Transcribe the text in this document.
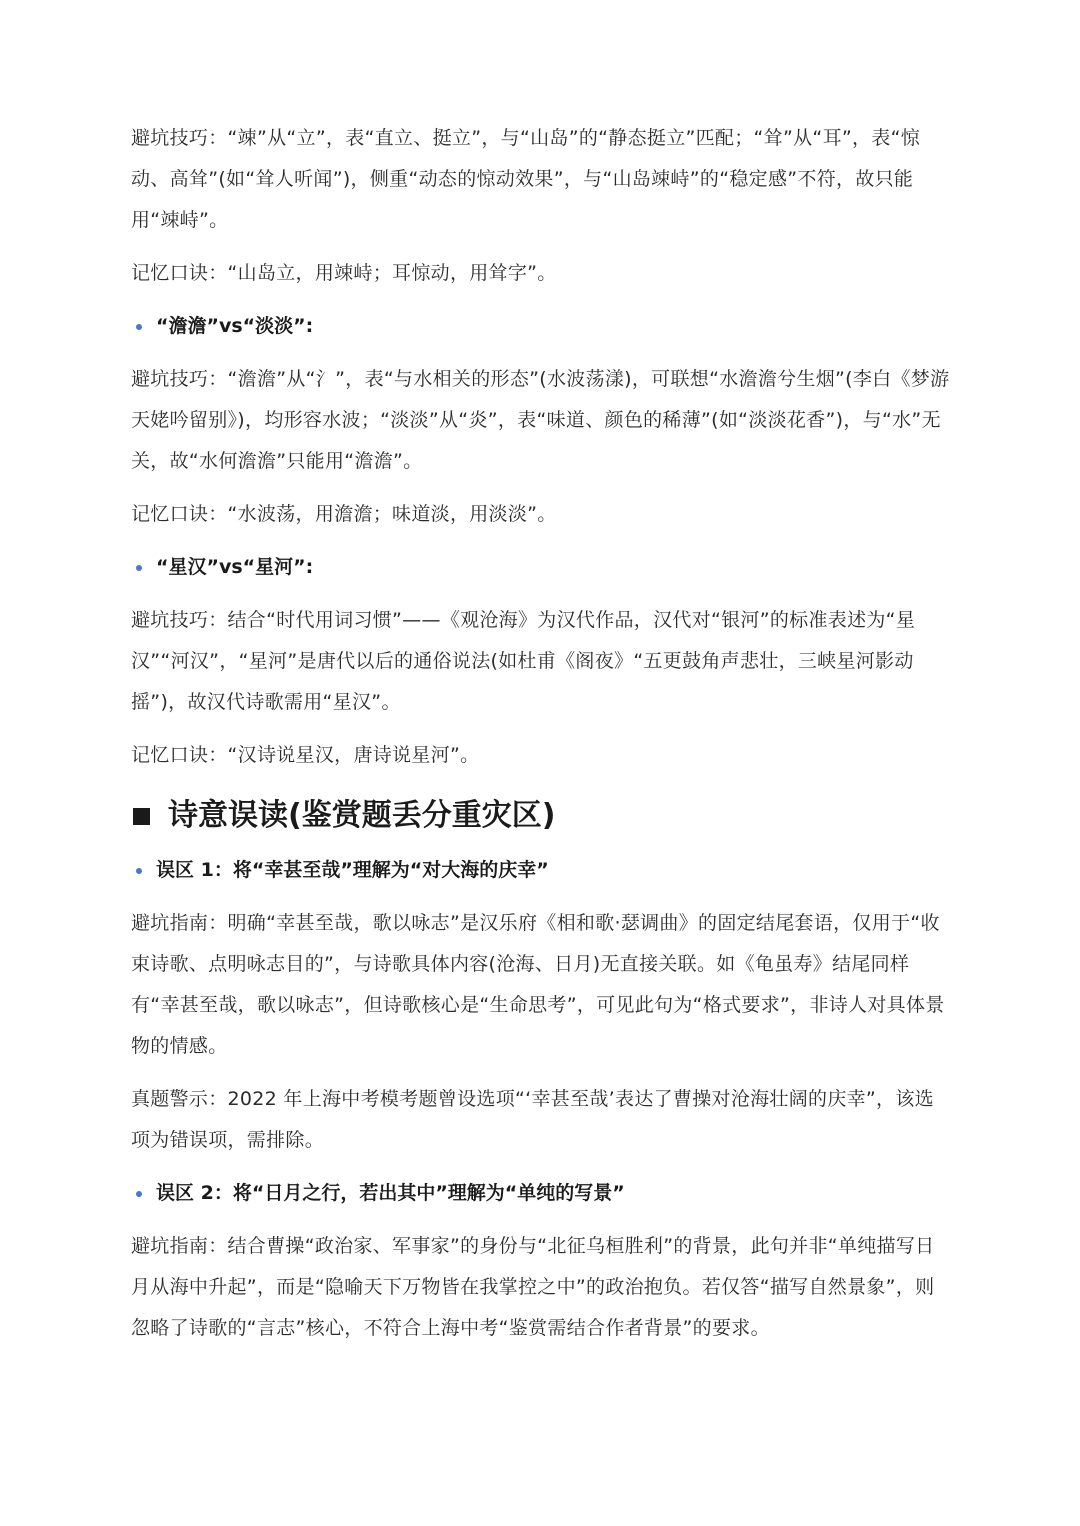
避坑技巧：“竦”从“立”，表“直立、挺立”，与“山岛”的“静态挺立”匹配；“耸”从“耳”，表“惊动、高耸”(如“耸人听闻”)，侧重“动态的惊动效果”，与“山岛竦峙”的“稳定感”不符，故只能用“竦峙”。

记忆口诀：“山岛立，用竦峙；耳惊动，用耸字”。

“澹澹”vs“淡淡”:

避坑技巧：“澹澹”从“氵”，表“与水相关的形态”(水波荡漾)，可联想“水澹澹兮生烟”(李白《梦游天姥吟留别》)，均形容水波；“淡淡”从“炎”，表“味道、颜色的稀薄”(如“淡淡花香”)，与“水”无关，故“水何澹澹”只能用“澹澹”。

记忆口诀：“水波荡，用澹澹；味道淡，用淡淡”。

“星汉”vs“星河”:

避坑技巧：结合“时代用词习惯”——《观沧海》为汉代作品，汉代对“银河”的标准表述为“星汉”“河汉”，“星河”是唐代以后的通俗说法(如杜甫《阁夜》“五更鼓角声悲壮，三峡星河影动摇”)，故汉代诗歌需用“星汉”。

记忆口诀：“汉诗说星汉，唐诗说星河”。

诗意误读(鉴赏题丢分重灾区)
误区 1：将“幸甚至哉”理解为“对大海的庆幸”

避坑指南：明确“幸甚至哉，歌以咏志”是汉乐府《相和歌·瑟调曲》的固定结尾套语，仅用于“收束诗歌、点明咏志目的”，与诗歌具体内容(沧海、日月)无直接关联。如《龟虽寿》结尾同样有“幸甚至哉，歌以咏志”，但诗歌核心是“生命思考”，可见此句为“格式要求”，非诗人对具体景物的情感。

真题警示：2022 年上海中考模考题曾设选项“‘幸甚至哉’表达了曹操对沧海壮阔的庆幸”，该选项为错误项，需排除。

误区 2：将“日月之行，若出其中”理解为“单纯的写景”

避坑指南：结合曹操“政治家、军事家”的身份与“北征乌桓胜利”的背景，此句并非“单纯描写日月从海中升起”，而是“隐喻天下万物皆在我掌控之中”的政治抱负。若仅答“描写自然景象”，则忽略了诗歌的“言志”核心，不符合上海中考“鉴赏需结合作者背景”的要求。
